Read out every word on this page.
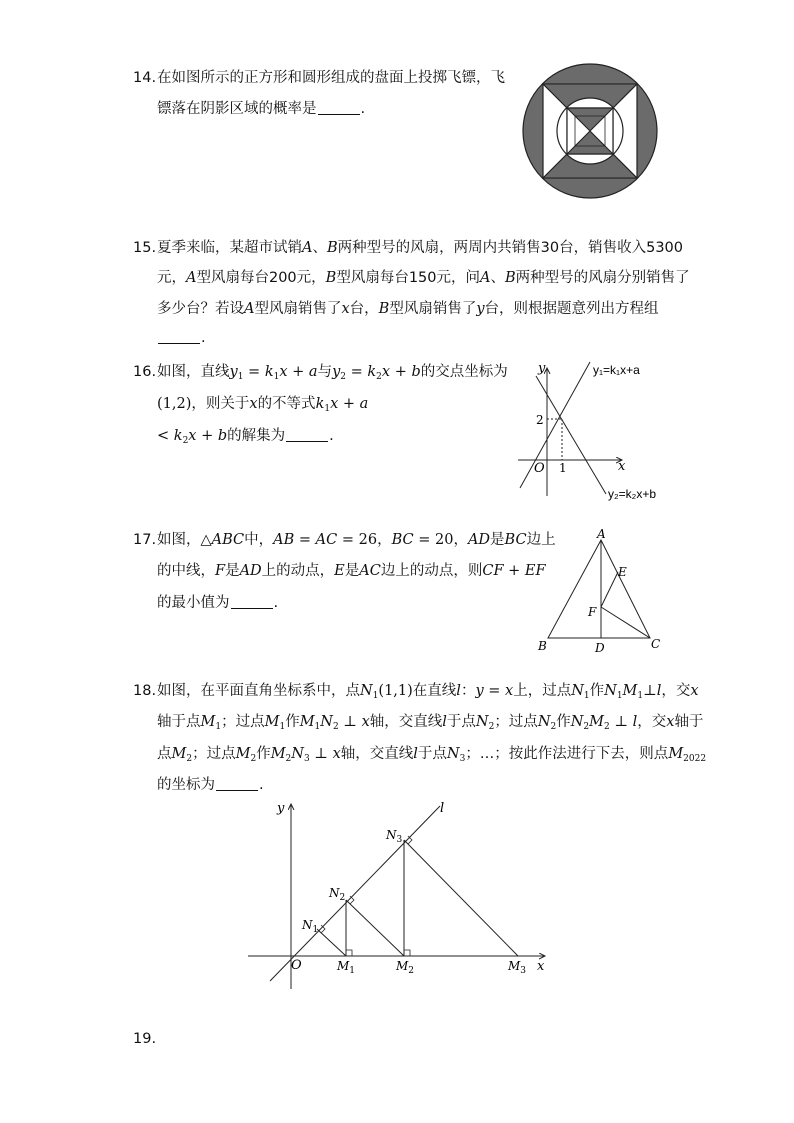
14.在如图所示的正方形和圆形组成的盘面上投掷飞镖，飞
镖落在阴影区域的概率是	.
15.夏季来临，某超市试销A、B两种型号的风扇，两周内共销售30台，销售收入5300
元，A型风扇每台200元，B型风扇每台150元，问A、B两种型号的风扇分别销售了
多少台？若设A型风扇销售了x台，B型风扇销售了y台，则根据题意列出方程组
.
16.如图，直线$y_1 = k_1x + a$与$y_2 = k_2x + b$的交点坐标为
(1,2)，则关于x的不等式$k_1x + a$
< $k_2x + b$的解集为	.
y
x
O 1
2
y₁=k₁x+a
y₂=k₂x+b
17.如图，△ABC中，AB = AC = 26，BC = 20，AD是BC边上
的中线，F是AD上的动点，E是AC边上的动点，则CF + EF
的最小值为	.
A
B	C
D
E
F
18.如图，在平面直角坐标系中，点$N_1(1,1)$在直线l：y = x上，过点$N_1$作$N_1M_1\perp l$，交x
轴于点$M_1$；过点$M_1$作$M_1N_2$ ⊥ x轴，交直线l于点$N_2$；过点$N_2$作$N_2M_2$ ⊥ l，交x轴于
点$M_2$；过点$M_2$作$M_2N_3$ ⊥ x轴，交直线l于点$N_3$；…；按此作法进行下去，则点$M_{2022}$
的坐标为	.
y
x
O
l
$N_1$
$N_2$
$N_3$
$M_1$	$M_2$	$M_3$
19.
